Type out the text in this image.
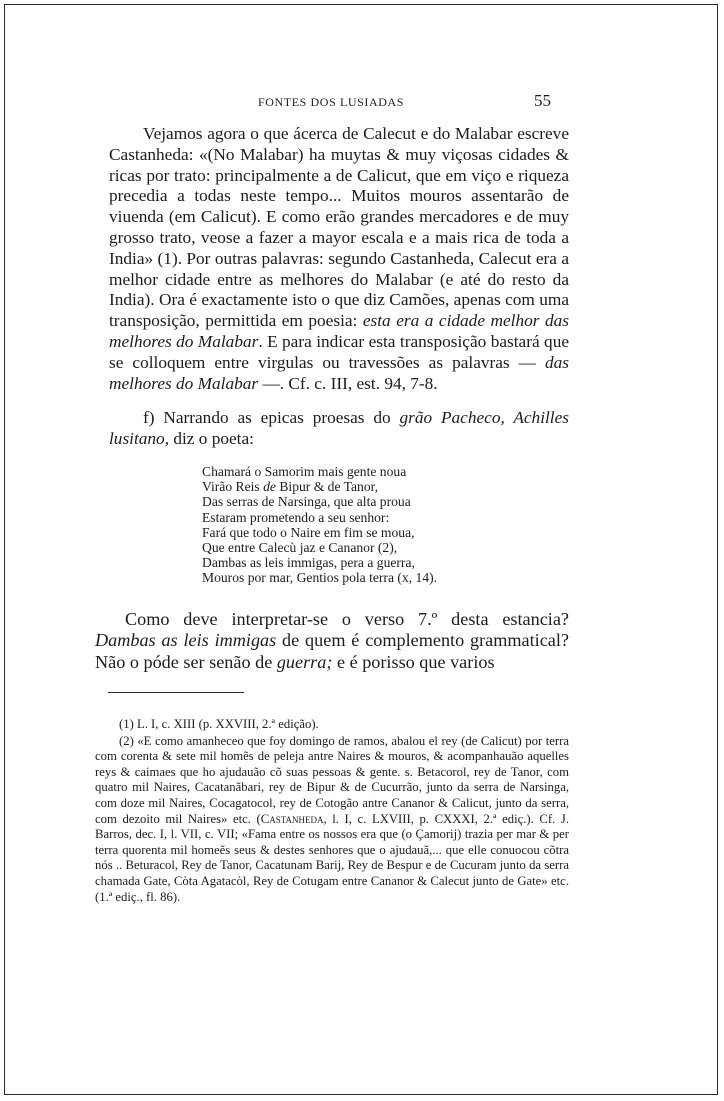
FONTES DOS LUSIADAS	55

Vejamos agora o que ácerca de Calecut e do Malabar escreve Castanheda: «(No Malabar) ha muytas & muy viçosas cidades & ricas por trato: principalmente a de Calicut, que em viço e riqueza precedia a todas neste tempo... Muitos mouros assentarão de viuenda (em Calicut). E como erão grandes mercadores e de muy grosso trato, veose a fazer a mayor escala e a mais rica de toda a India» (1). Por outras palavras: segundo Castanheda, Calecut era a melhor cidade entre as melhores do Malabar (e até do resto da India). Ora é exactamente isto o que diz Camões, apenas com uma transposição, permittida em poesia: esta era a cidade melhor das melhores do Malabar. E para indicar esta transposição bastará que se colloquem entre virgulas ou travessões as palavras — das melhores do Malabar —. Cf. c. III, est. 94, 7-8.

f) Narrando as epicas proesas do grão Pacheco, Achilles lusitano, diz o poeta:

Chamará o Samorim mais gente noua
Virão Reis de Bipur & de Tanor,
Das serras de Narsinga, que alta proua
Estaram prometendo a seu senhor:
Fará que todo o Naire em fim se moua,
Que entre Calecù jaz e Cananor (2),
Dambas as leis immigas, pera a guerra,
Mouros por mar, Gentios pola terra (x, 14).

Como deve interpretar-se o verso 7.º desta estancia? Dambas as leis immigas de quem é complemento grammatical? Não o póde ser senão de guerra; e é porisso que varios

(1) L. I, c. XIII (p. XXVIII, 2.ª edição).

(2) «E como amanheceo que foy domingo de ramos, abalou el rey (de Calicut) por terra com corenta & sete mil homẽs de peleja antre Naires & mouros, & acompanhauão aquelles reys & caimaes que ho ajudauão cõ suas pessoas & gente. s. Betacorol, rey de Tanor, com quatro mil Naires, Cacatanãbari, rey de Bipur & de Cucurrão, junto da serra de Narsinga, com doze mil Naires, Cocagatocol, rey de Cotogão antre Cananor & Calicut, junto da serra, com dezoito mil Naires» etc. (Castanheda, l. I, c. LXVIII, p. CXXXI, 2.ª ediç.). Cf. J. Barros, dec. I, l. VII, c. VII; «Fama entre os nossos era que (o Çamorij) trazia per mar & per terra quorenta mil homeẽs seus & destes senhores que o ajudauã,... que elle conuocou cõtra nós .. Beturacol, Rey de Tanor, Cacatunam Barij, Rey de Bespur e de Cucuram junto da serra chamada Gate, Còta Agatacòl, Rey de Cotugam entre Cananor & Calecut junto de Gate» etc. (1.ª ediç., fl. 86).
